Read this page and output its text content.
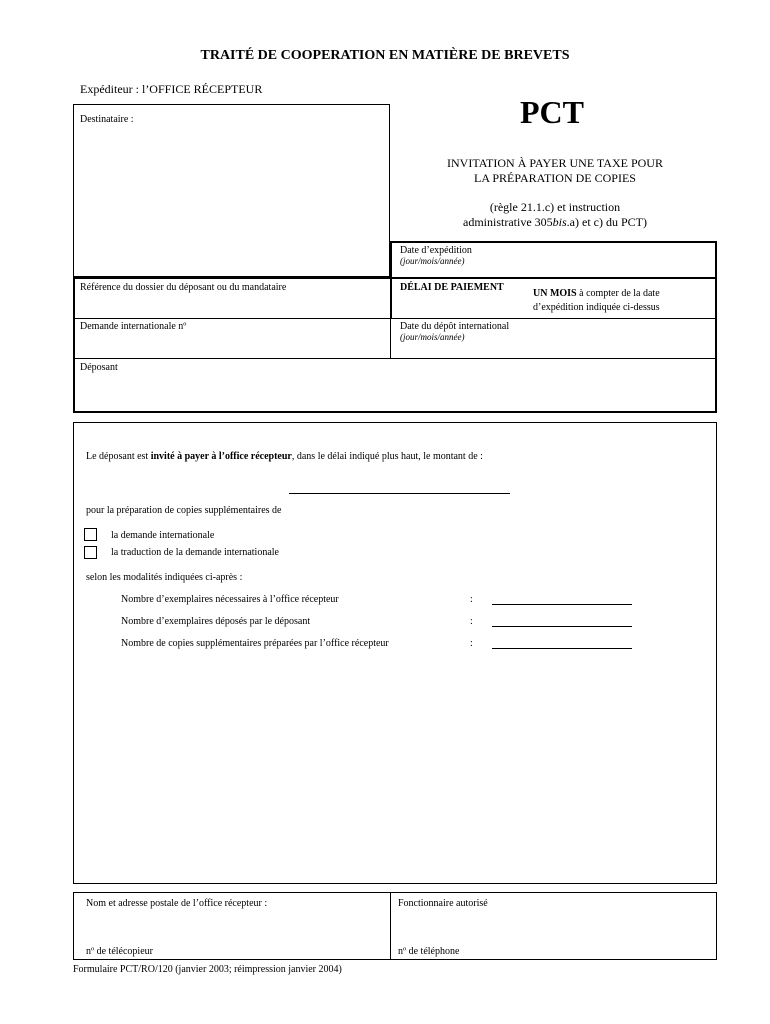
TRAITÉ DE COOPERATION EN MATIÈRE DE BREVETS
Expéditeur : l’OFFICE RÉCEPTEUR
Destinataire :	PCT
INVITATION À PAYER UNE TAXE POUR
LA PRÉPARATION DE COPIES
(règle 21.1.c) et instruction
administrative 305bis.a) et c) du PCT)
Date d’expédition
(jour/mois/année)
Référence du dossier du déposant ou du mandataire	DÉLAI DE PAIEMENT
UN MOIS à compter de la date
d’expédition indiquée ci-dessus
Demande internationale nº	Date du dépôt international
(jour/mois/année)
Déposant
Le déposant est invité à payer à l’office récepteur, dans le délai indiqué plus haut, le montant de :
pour la préparation de copies supplémentaires de
la demande internationale
la traduction de la demande internationale
selon les modalités indiquées ci-après :
Nombre d’exemplaires nécessaires à l’office récepteur	:
Nombre d’exemplaires déposés par le déposant	:
Nombre de copies supplémentaires préparées par l’office récepteur	:
Nom et adresse postale de l’office récepteur :
nº de télécopieur
Fonctionnaire autorisé
nº de téléphone
Formulaire PCT/RO/120 (janvier 2003; réimpression janvier 2004)
